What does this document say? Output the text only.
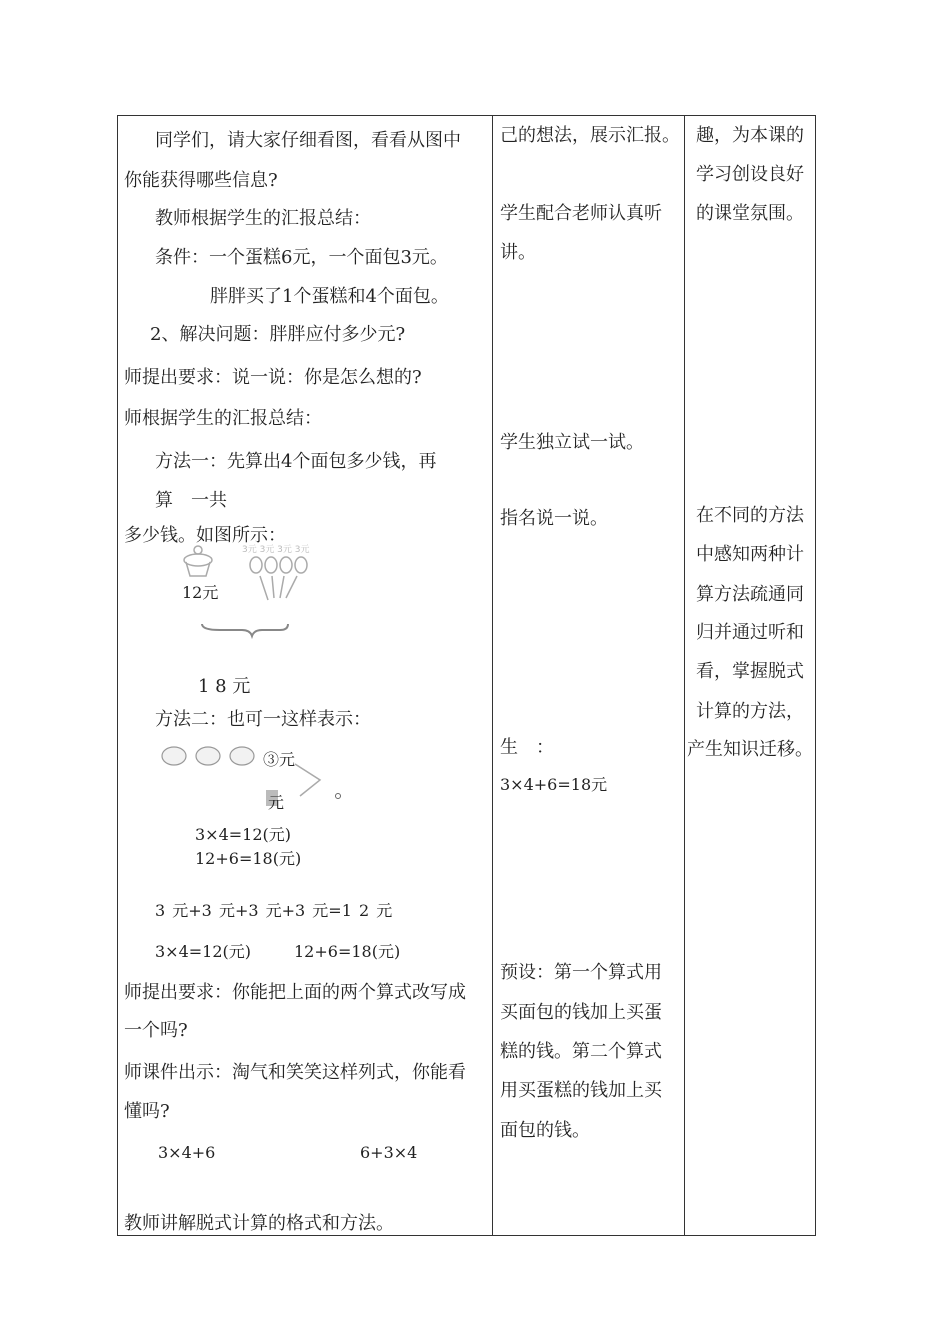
同学们，请大家仔细看图，看看从图中
你能获得哪些信息?
教师根据学生的汇报总结：
条件：一个蛋糕6元，一个面包3元。
胖胖买了1个蛋糕和4个面包。
2、解决问题：胖胖应付多少元?
师提出要求：说一说：你是怎么想的?
师根据学生的汇报总结：
方法一：先算出4个面包多少钱，再
算　一共
多少钱。如图所示：
3元 3元 3元 3元
12元
1 8 元
方法二：也可一这样表示：
③元
元
3×4=12(元)
12+6=18(元)
3 元+3 元+3 元+3 元=1 2 元
3×4=12(元)	12+6=18(元)
师提出要求：你能把上面的两个算式改写成
一个吗?
师课件出示：淘气和笑笑这样列式，你能看
懂吗?
3×4+6	6+3×4
教师讲解脱式计算的格式和方法。
己的想法，展示汇报。
学生配合老师认真听
讲。
学生独立试一试。
指名说一说。
生　：
3×4+6=18元
预设：第一个算式用
买面包的钱加上买蛋
糕的钱。第二个算式
用买蛋糕的钱加上买
面包的钱。
趣，为本课的
学习创设良好
的课堂氛围。
在不同的方法
中感知两种计
算方法疏通同
归并通过听和
看，掌握脱式
计算的方法，
产生知识迁移。
